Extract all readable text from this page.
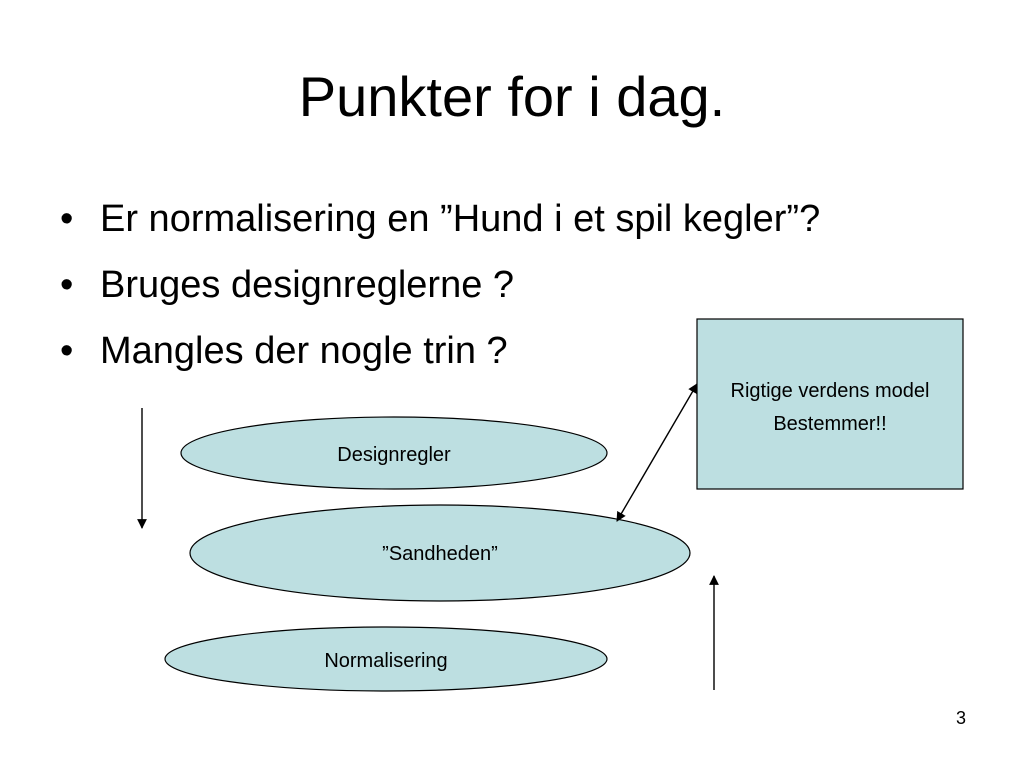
Punkter for i dag.
• Er normalisering en ”Hund i et spil kegler”?
• Bruges designreglerne ?
• Mangles der nogle trin ?
Rigtige verdens model
Bestemmer!!
Designregler
”Sandheden”
Normalisering
3
